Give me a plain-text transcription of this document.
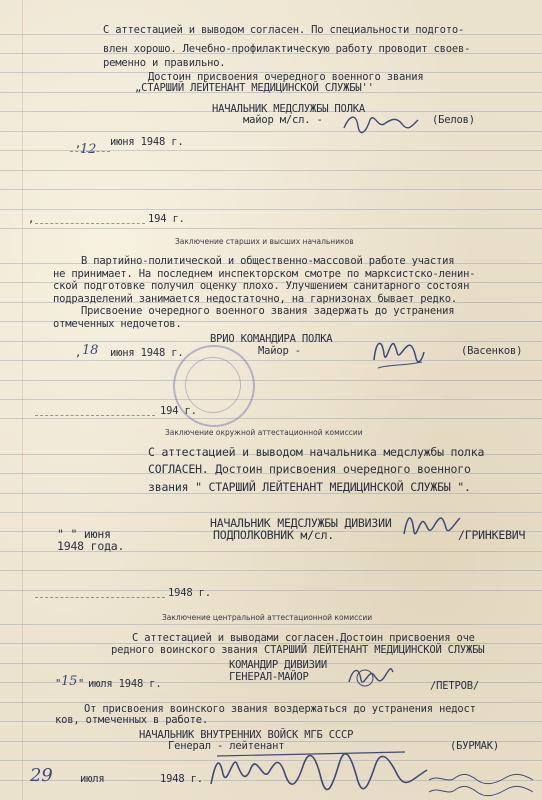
С аттестацией и выводом согласен. По специальности подгото-
влен хорошо. Лечебно-профилактическую работу проводит своев-
ременно и правильно.
Достоин присвоения очередного военного звания
„СТАРШИЙ ЛЕЙТЕНАНТ МЕДИЦИНСКОЙ СЛУЖБЫ''
НАЧАЛЬНИК МЕДСЛУЖБЫ ПОЛКА
майор м/сл. -	(Белов)
,
12 июня 1948 г.
,	194 г.
Заключение старших и высших начальников
В партийно-политической и общественно-массовой работе участия
не принимает. На последнем инспекторском смотре по марксистско-ленин-
ской подготовке получил оценку плохо. Улучшением санитарного состоян
подразделений занимается недостаточно, на гарнизонах бывает редко.
Присвоение очередного военного звания задержать до устранения
отмеченных недочетов.
ВРИО КОМАНДИРА ПОЛКА
Майор -	(Васенков)
, 18 июня 1948 г.
194 г.
Заключение окружной аттестационной комиссии
С аттестацией и выводом начальника медслужбы полка
СОГЛАСЕН. Достоин присвоения очередного военного
звания " СТАРШИЙ ЛЕЙТЕНАНТ МЕДИЦИНСКОЙ СЛУЖБЫ ".
НАЧАЛЬНИК МЕДСЛУЖБЫ ДИВИЗИИ
ПОДПОЛКОВНИК м/сл.	/ГРИНКЕВИЧ
" " июня
1948 года.
1948 г.
Заключение центральной аттестационной комиссии
С аттестацией и выводами согласен.Достоин присвоения оче
редного воинского звания СТАРШИЙ ЛЕЙТЕНАНТ МЕДИЦИНСКОЙ СЛУЖБЫ
КОМАНДИР ДИВИЗИИ
ГЕНЕРАЛ-МАЙОР
/ПЕТРОВ/
" 15 " июля 1948 г.
От присвоения воинского звания воздержаться до устранения недост
ков, отмеченных в работе.
НАЧАЛЬНИК ВНУТРЕННИХ ВОЙСК МГБ СССР
Генерал - лейтенант	(БУРМАК)
29	июля	1948 г.
